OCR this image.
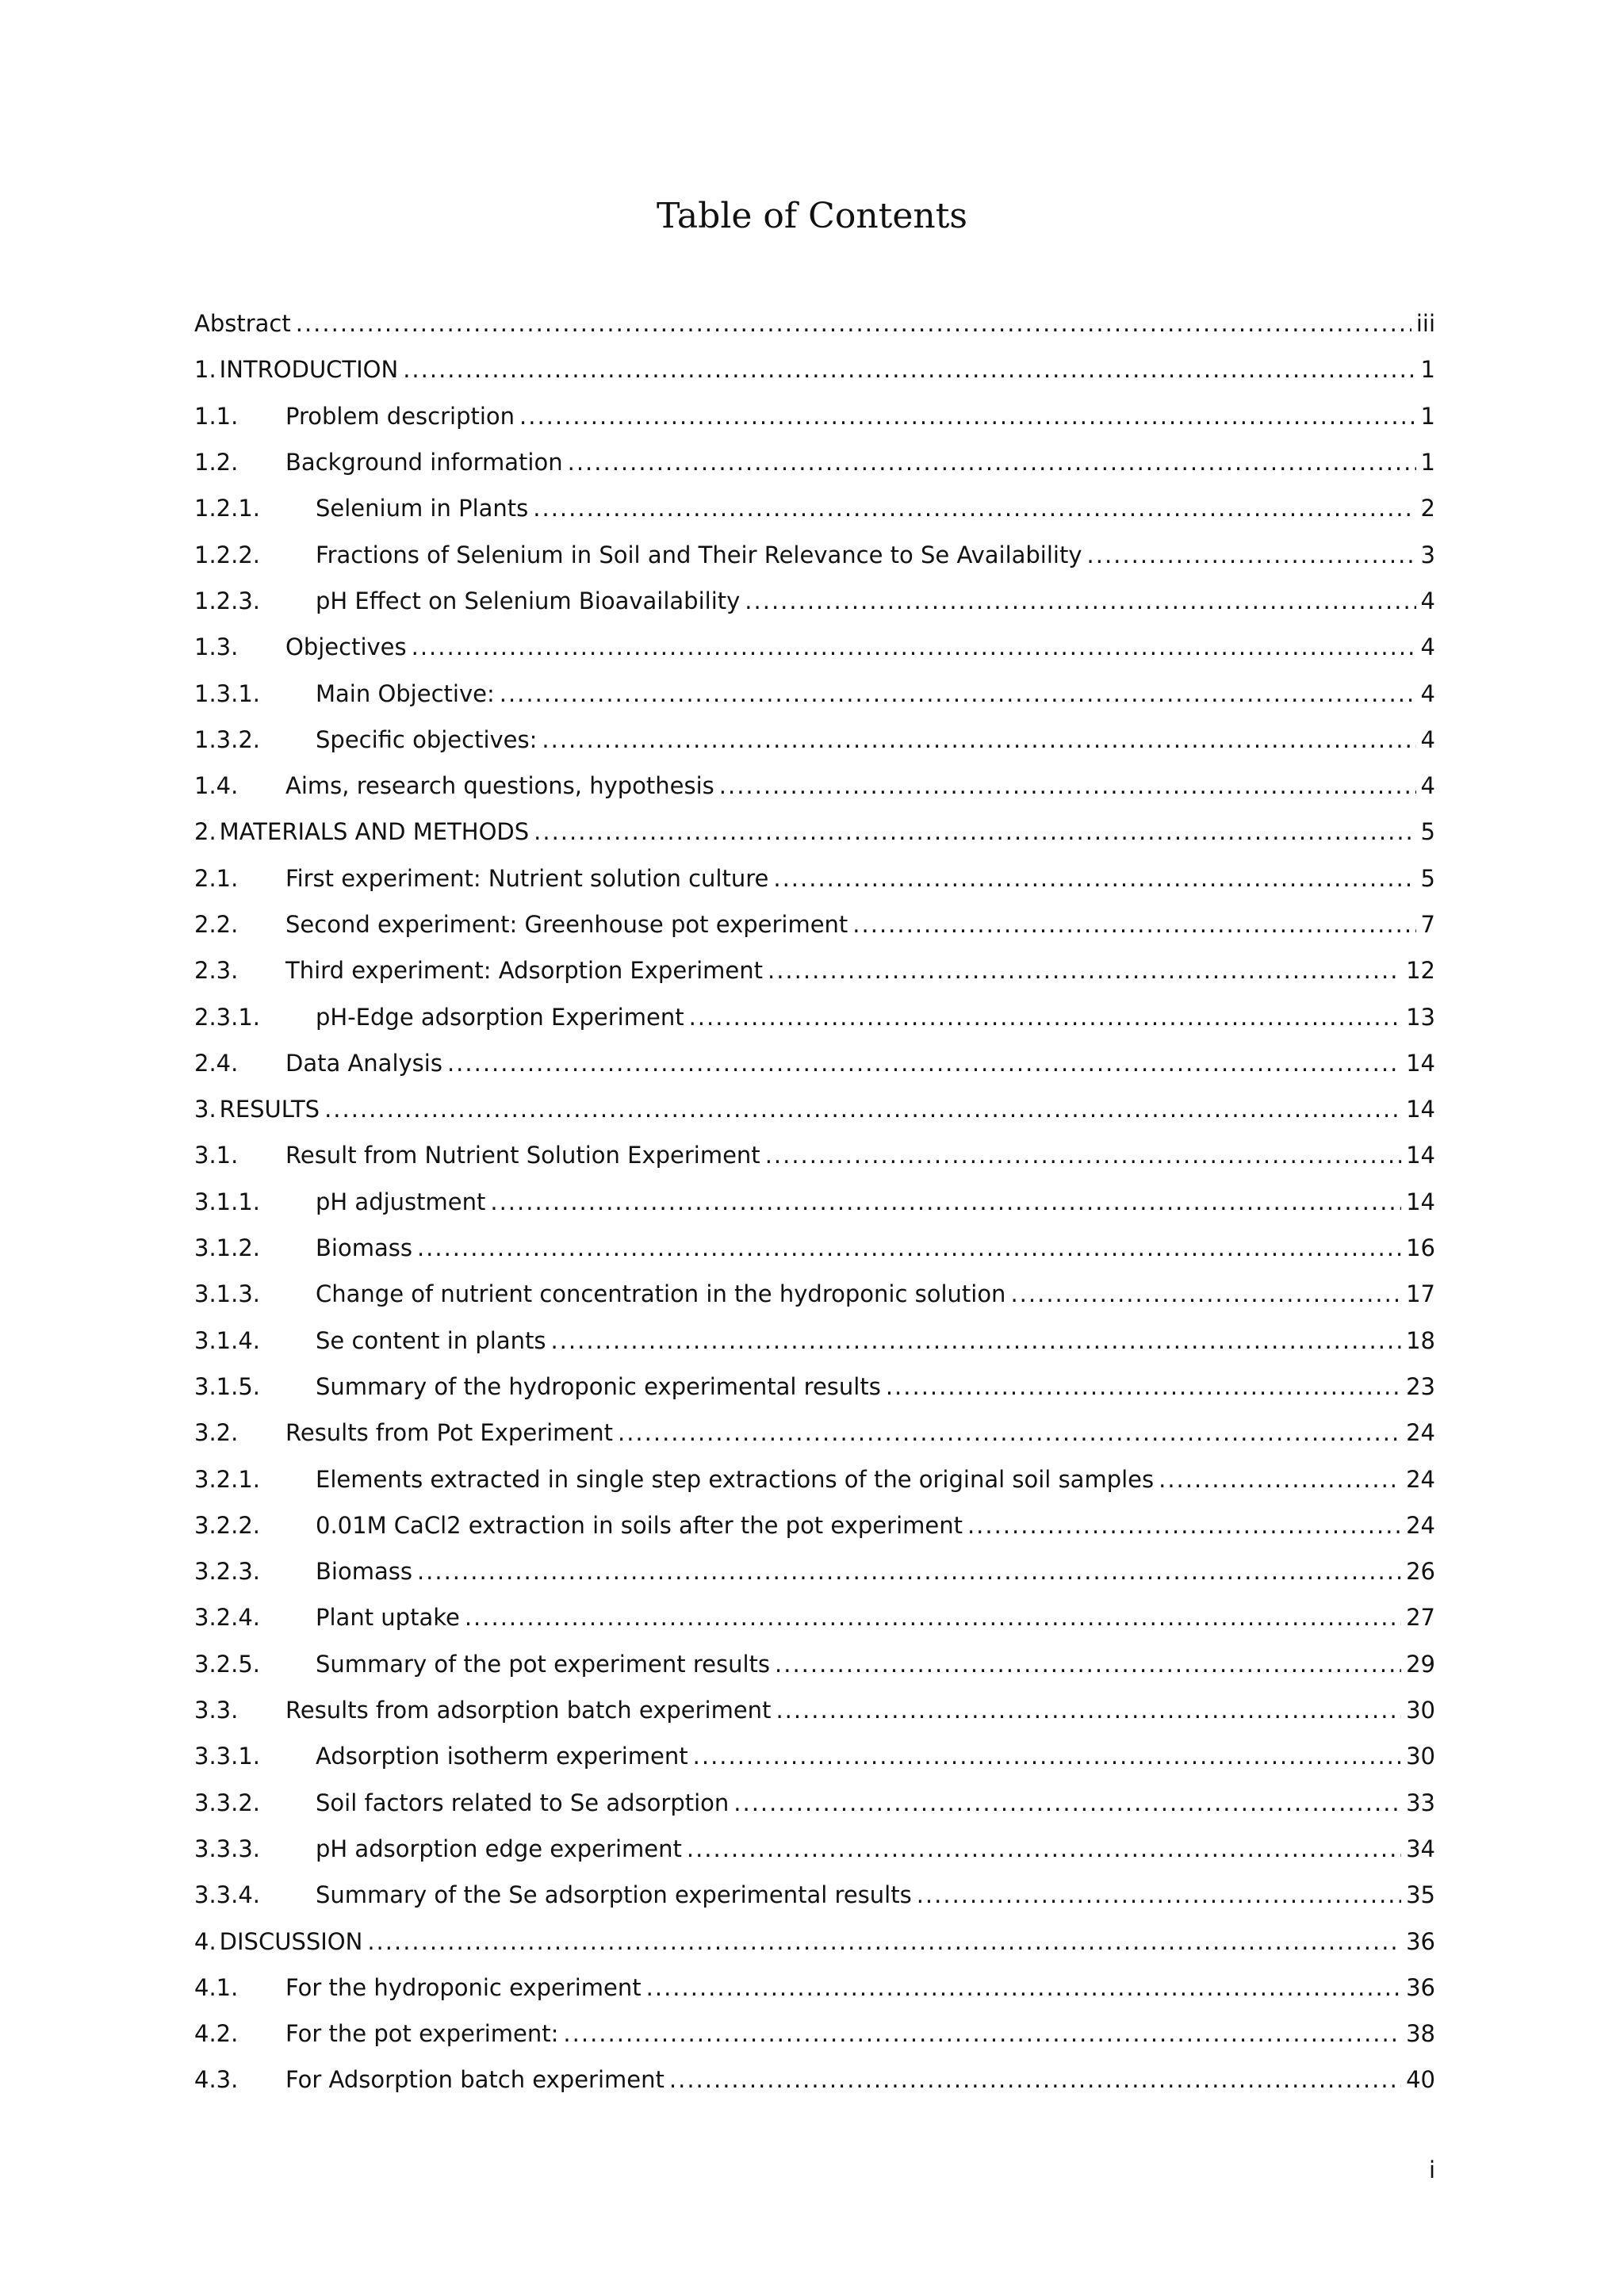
Table of Contents
Abstract .....	iii
1. INTRODUCTION .....	1
1.1.	Problem description .....	1
1.2.	Background information .....	1
1.2.1.	Selenium in Plants .....	2
1.2.2.	Fractions of Selenium in Soil and Their Relevance to Se Availability .....	3
1.2.3.	pH Effect on Selenium Bioavailability .....	4
1.3.	Objectives .....	4
1.3.1.	Main Objective: .....	4
1.3.2.	Specific objectives: .....	4
1.4.	Aims, research questions, hypothesis .....	4
2. MATERIALS AND METHODS .....	5
2.1.	First experiment: Nutrient solution culture .....	5
2.2.	Second experiment: Greenhouse pot experiment .....	7
2.3.	Third experiment: Adsorption Experiment .....	12
2.3.1.	pH-Edge adsorption Experiment .....	13
2.4.	Data Analysis .....	14
3. RESULTS .....	14
3.1.	Result from Nutrient Solution Experiment .....	14
3.1.1.	pH adjustment .....	14
3.1.2.	Biomass .....	16
3.1.3.	Change of nutrient concentration in the hydroponic solution .....	17
3.1.4.	Se content in plants .....	18
3.1.5.	Summary of the hydroponic experimental results .....	23
3.2.	Results from Pot Experiment .....	24
3.2.1.	Elements extracted in single step extractions of the original soil samples .....	24
3.2.2.	0.01M CaCl2 extraction in soils after the pot experiment .....	24
3.2.3.	Biomass .....	26
3.2.4.	Plant uptake .....	27
3.2.5.	Summary of the pot experiment results .....	29
3.3.	Results from adsorption batch experiment .....	30
3.3.1.	Adsorption isotherm experiment .....	30
3.3.2.	Soil factors related to Se adsorption .....	33
3.3.3.	pH adsorption edge experiment .....	34
3.3.4.	Summary of the Se adsorption experimental results .....	35
4. DISCUSSION .....	36
4.1.	For the hydroponic experiment .....	36
4.2.	For the pot experiment: .....	38
4.3.	For Adsorption batch experiment .....	40
i
